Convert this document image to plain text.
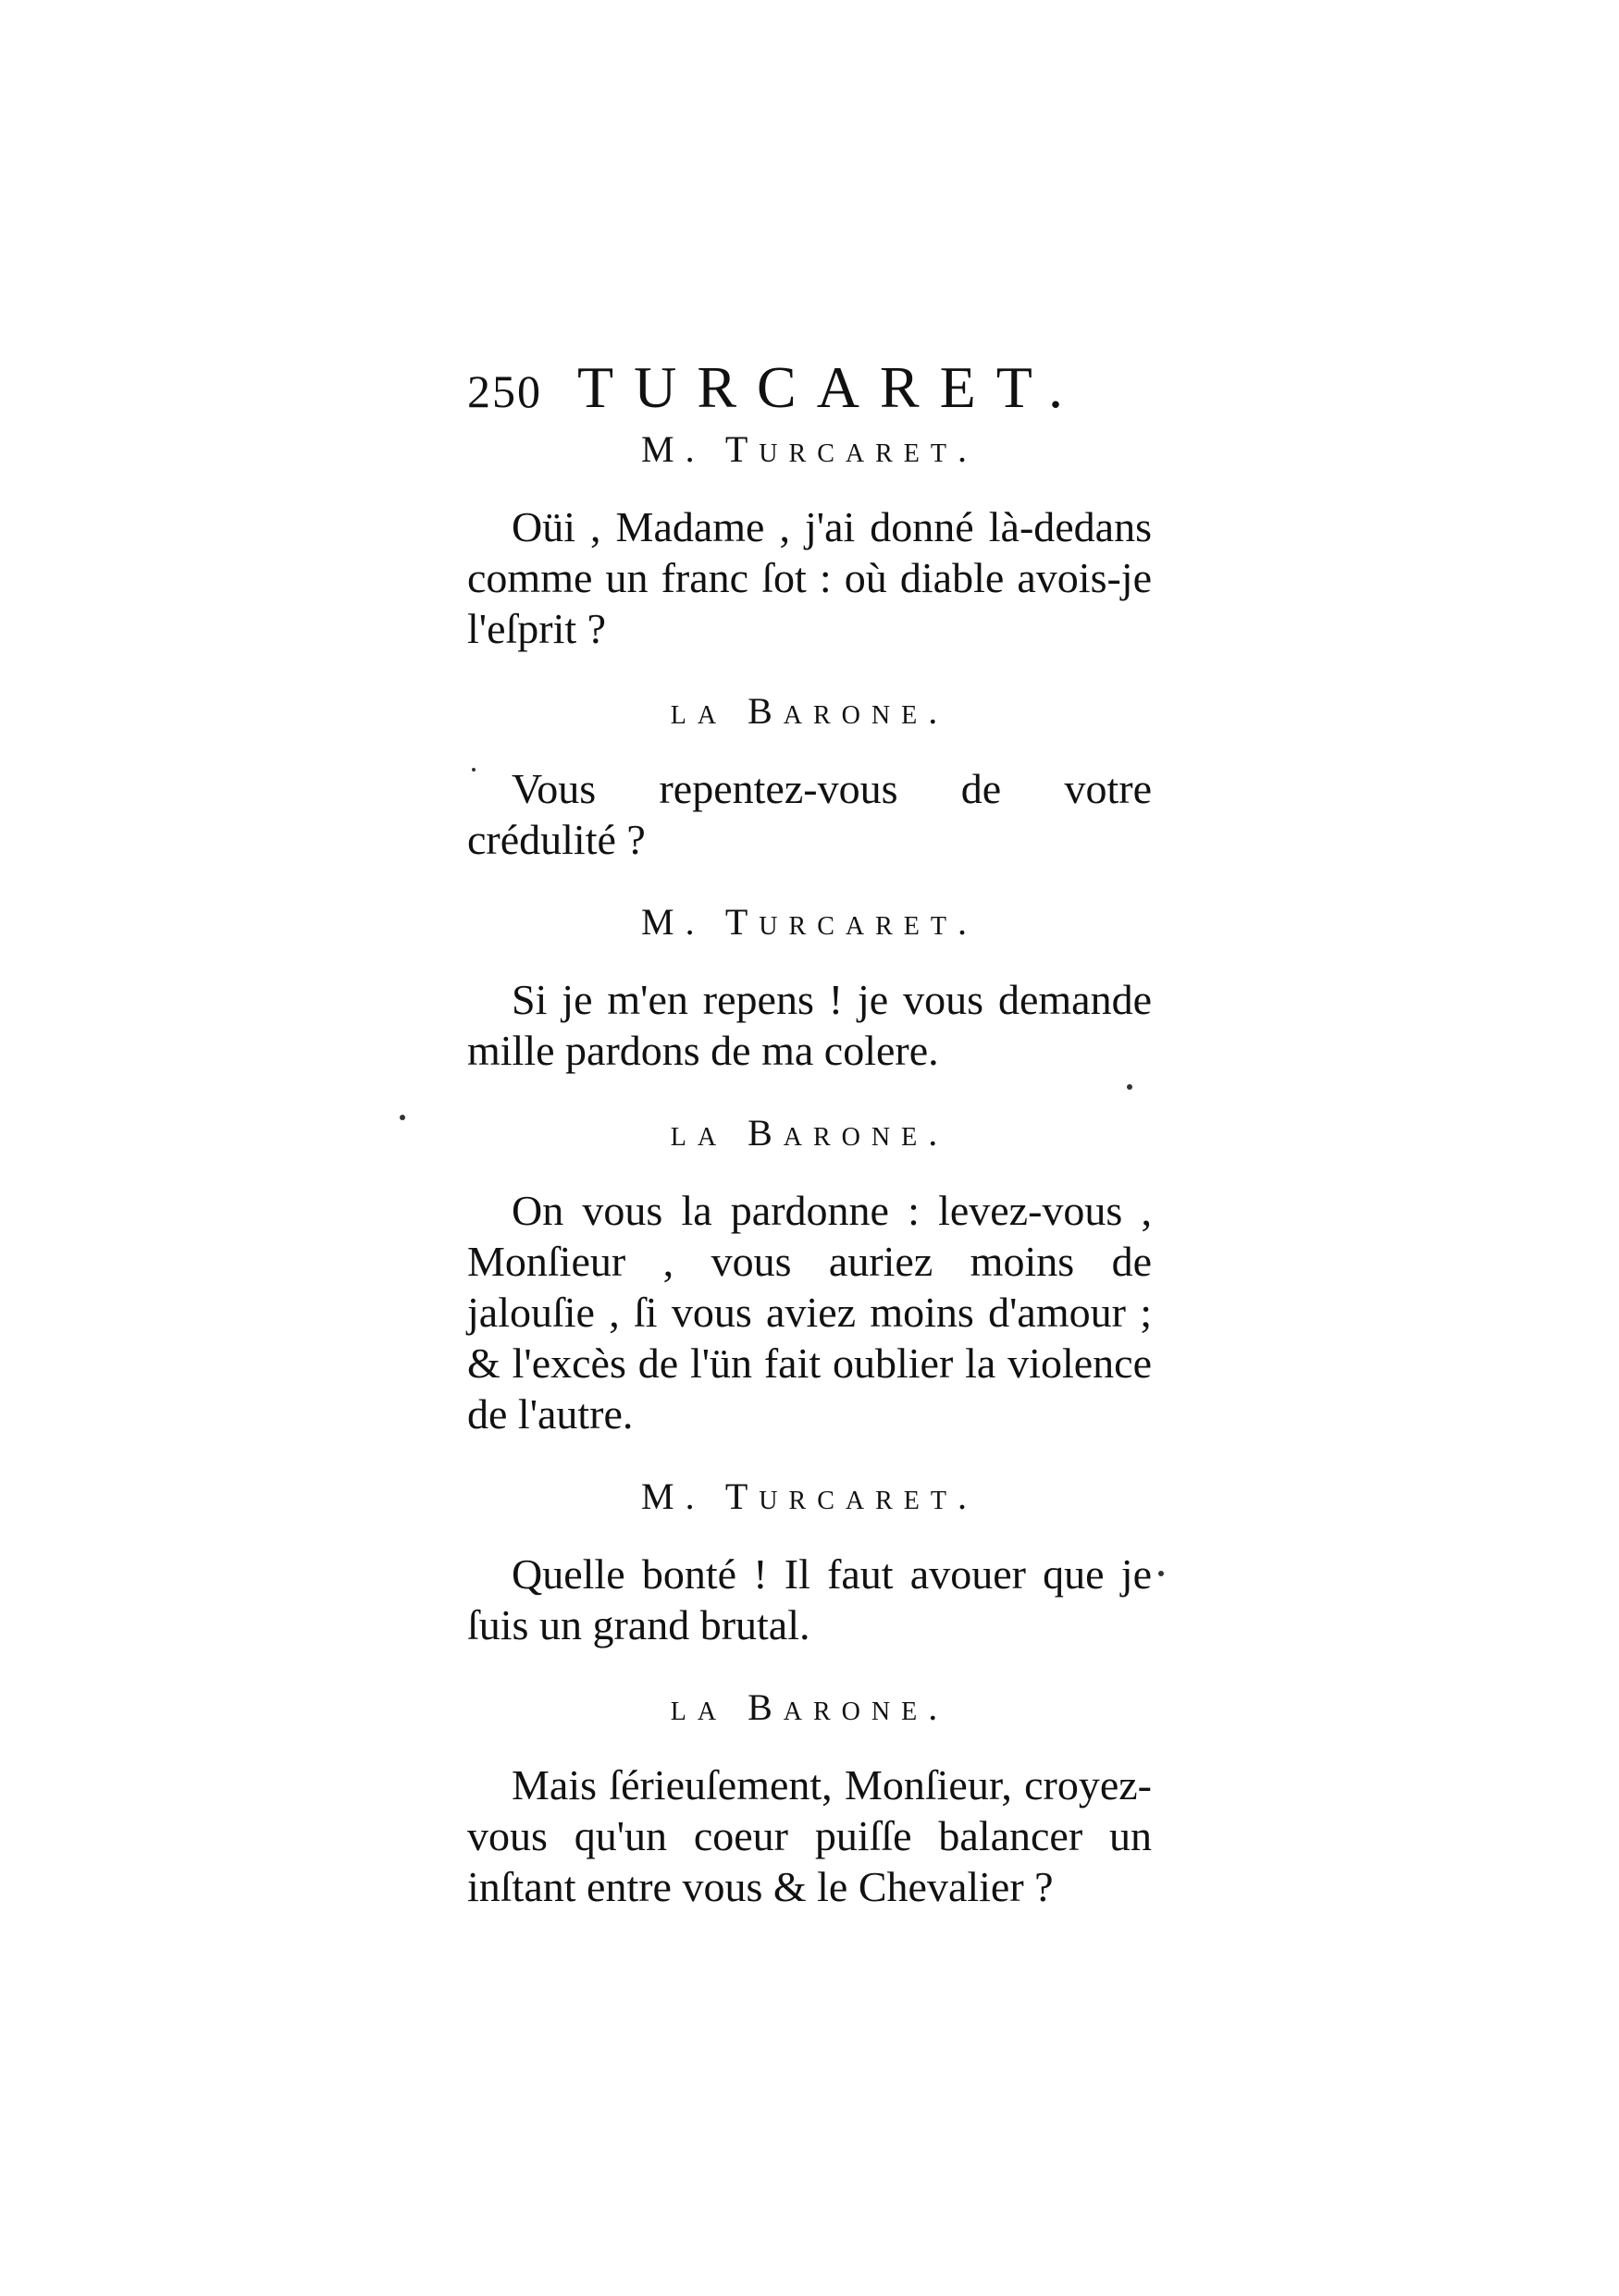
250 TURCARET.
M. Turcaret.

Oüi , Madame , j'ai donné là-dedans comme un franc ſot : où diable avois-je l'eſprit ?

la Barone.

Vous repentez-vous de votre crédulité ?

M. Turcaret.

Si je m'en repens ! je vous demande mille pardons de ma colere.

la Barone.

On vous la pardonne : levez-vous , Monſieur , vous auriez moins de jalouſie , ſi vous aviez moins d'amour ; & l'excès de l'ün fait oublier la violence de l'autre.

M. Turcaret.

Quelle bonté ! Il faut avouer que je ſuis un grand brutal.

la Barone.

Mais ſérieuſement, Monſieur, croyez-vous qu'un coeur puiſſe balancer un inſtant entre vous & le Chevalier ?
